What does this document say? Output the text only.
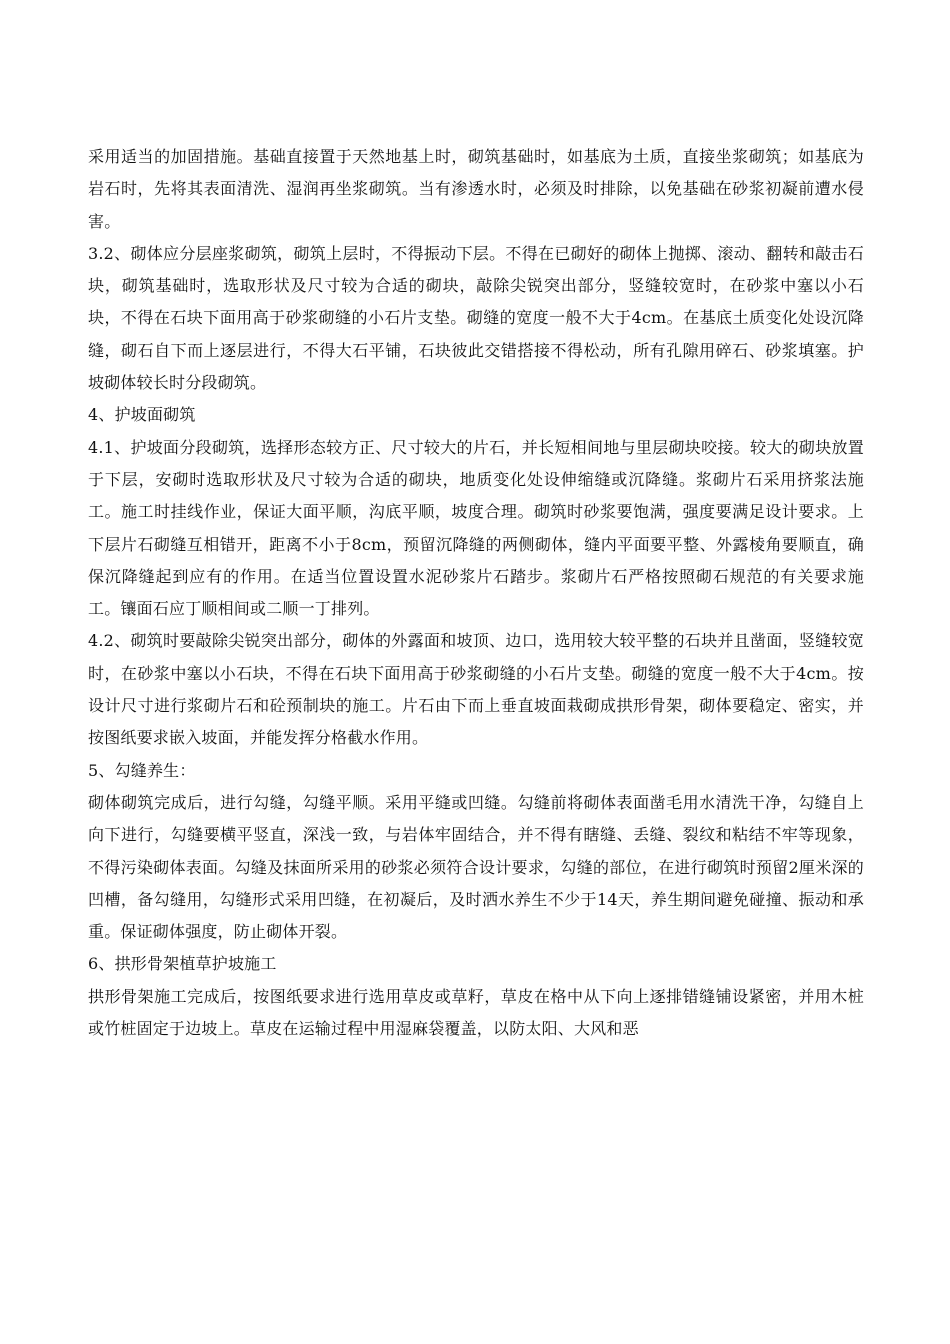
采用适当的加固措施。基础直接置于天然地基上时，砌筑基础时，如基底为土质，直接坐浆砌筑；如基底为岩石时，先将其表面清洗、湿润再坐浆砌筑。当有渗透水时，必须及时排除，以免基础在砂浆初凝前遭水侵害。

3.2、砌体应分层座浆砌筑，砌筑上层时，不得振动下层。不得在已砌好的砌体上抛掷、滚动、翻转和敲击石块，砌筑基础时，选取形状及尺寸较为合适的砌块，敲除尖锐突出部分，竖缝较宽时，在砂浆中塞以小石块，不得在石块下面用高于砂浆砌缝的小石片支垫。砌缝的宽度一般不大于4cm。在基底土质变化处设沉降缝，砌石自下而上逐层进行，不得大石平铺，石块彼此交错搭接不得松动，所有孔隙用碎石、砂浆填塞。护坡砌体较长时分段砌筑。

4、护坡面砌筑

4.1、护坡面分段砌筑，选择形态较方正、尺寸较大的片石，并长短相间地与里层砌块咬接。较大的砌块放置于下层，安砌时选取形状及尺寸较为合适的砌块，地质变化处设伸缩缝或沉降缝。浆砌片石采用挤浆法施工。施工时挂线作业，保证大面平顺，沟底平顺，坡度合理。砌筑时砂浆要饱满，强度要满足设计要求。上下层片石砌缝互相错开，距离不小于8cm，预留沉降缝的两侧砌体，缝内平面要平整、外露棱角要顺直，确保沉降缝起到应有的作用。在适当位置设置水泥砂浆片石踏步。浆砌片石严格按照砌石规范的有关要求施工。镶面石应丁顺相间或二顺一丁排列。

4.2、砌筑时要敲除尖锐突出部分，砌体的外露面和坡顶、边口，选用较大较平整的石块并且凿面，竖缝较宽时，在砂浆中塞以小石块，不得在石块下面用高于砂浆砌缝的小石片支垫。砌缝的宽度一般不大于4cm。按设计尺寸进行浆砌片石和砼预制块的施工。片石由下而上垂直坡面栽砌成拱形骨架，砌体要稳定、密实，并按图纸要求嵌入坡面，并能发挥分格截水作用。

5、勾缝养生：

砌体砌筑完成后，进行勾缝，勾缝平顺。采用平缝或凹缝。勾缝前将砌体表面凿毛用水清洗干净，勾缝自上向下进行，勾缝要横平竖直，深浅一致，与岩体牢固结合，并不得有瞎缝、丢缝、裂纹和粘结不牢等现象，不得污染砌体表面。勾缝及抹面所采用的砂浆必须符合设计要求，勾缝的部位，在进行砌筑时预留2厘米深的凹槽，备勾缝用，勾缝形式采用凹缝，在初凝后，及时洒水养生不少于14天，养生期间避免碰撞、振动和承重。保证砌体强度，防止砌体开裂。

6、拱形骨架植草护坡施工

拱形骨架施工完成后，按图纸要求进行选用草皮或草籽，草皮在格中从下向上逐排错缝铺设紧密，并用木桩或竹桩固定于边坡上。草皮在运输过程中用湿麻袋覆盖，以防太阳、大风和恶
